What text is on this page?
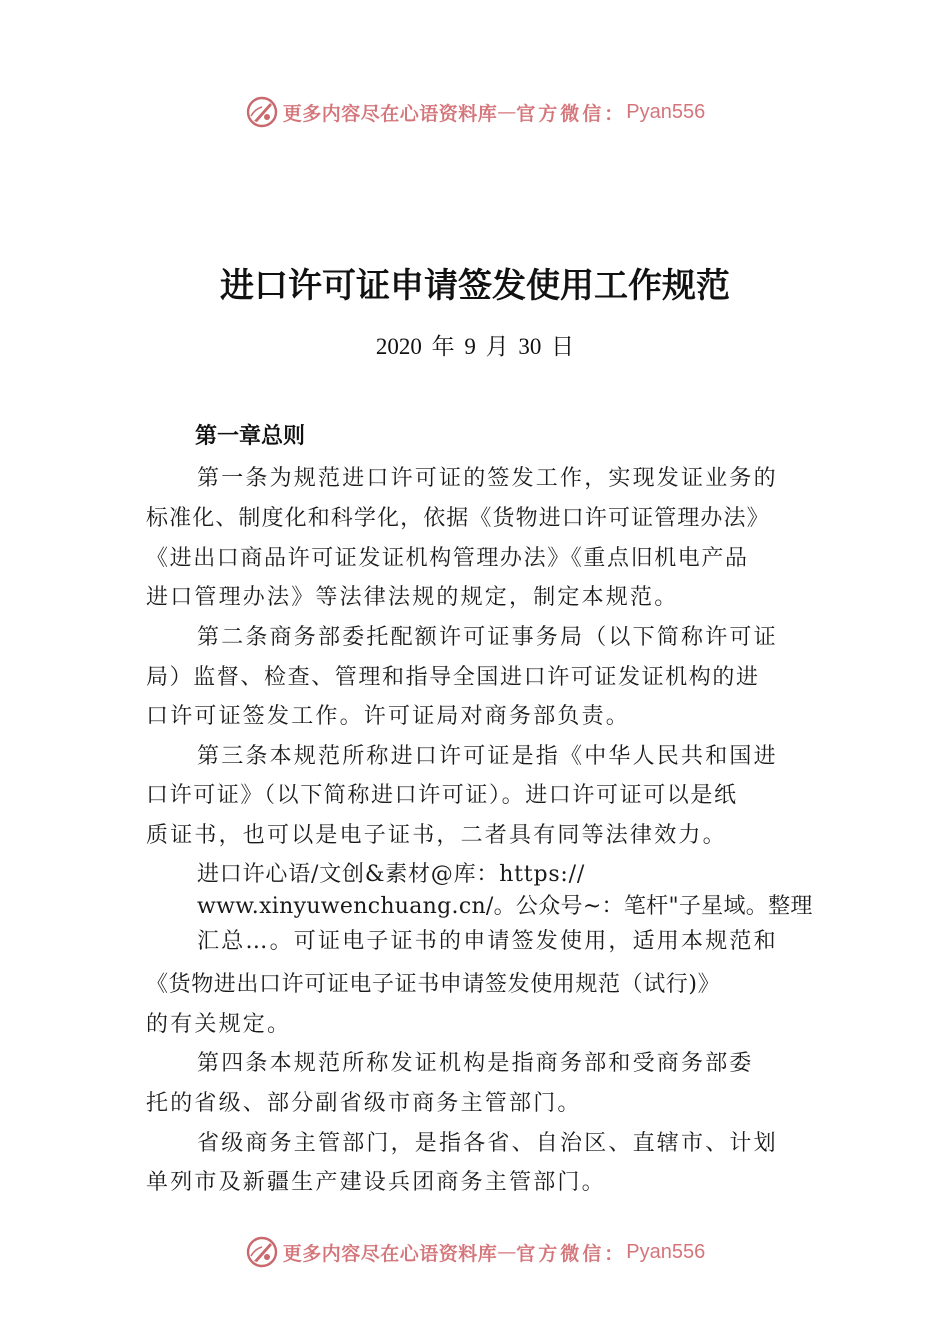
更多内容尽在心语资料库 — 官方微信： Pyan556
进口许可证申请签发使用工作规范
2020 年 9 月 30 日
第一章总则
第一条为规范进口许可证的签发工作，实现发证业务的
标准化、制度化和科学化，依据《货物进口许可证管理办法》
《进出口商品许可证发证机构管理办法》《重点旧机电产品
进口管理办法》等法律法规的规定，制定本规范。
第二条商务部委托配额许可证事务局（以下简称许可证
局）监督、检查、管理和指导全国进口许可证发证机构的进
口许可证签发工作。许可证局对商务部负责。
第三条本规范所称进口许可证是指《中华人民共和国进
口许可证》（以下简称进口许可证）。进口许可证可以是纸
质证书，也可以是电子证书，二者具有同等法律效力。
进口许心语/文创&素材@库：https://
www.xinyuwenchuang.cn/。公众号~：笔杆"子星域。整理
汇总…。可证电子证书的申请签发使用，适用本规范和
《货物进出口许可证电子证书申请签发使用规范（试行)》
的有关规定。
第四条本规范所称发证机构是指商务部和受商务部委
托的省级、部分副省级市商务主管部门。
省级商务主管部门，是指各省、自治区、直辖市、计划
单列市及新疆生产建设兵团商务主管部门。
更多内容尽在心语资料库 — 官方微信： Pyan556
